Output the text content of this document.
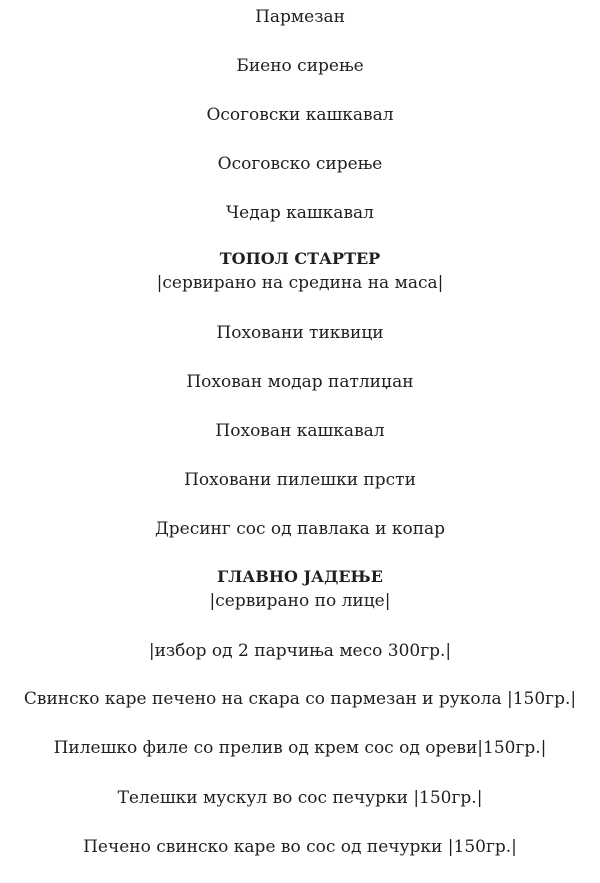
Пармезан
Биено сирење
Осоговски кашкавал
Осоговско сирење
Чедар кашкавал
ТОПОЛ СТАРТЕР
|сервирано на средина на маса|
Поховани тиквици
Похован модар патлиџан
Похован кашкавал
Поховани пилешки прсти
Дресинг сос од павлака и копар
ГЛАВНО ЈАДЕЊЕ
|сервирано по лице|
|избор од 2 парчиња месо 300гр.|
Свинско каре печено на скара со пармезан и рукола |150гр.|
Пилешко филе со прелив од крем сос од ореви|150гр.|
Телешки мускул во сос печурки |150гр.|
Печено свинско каре во сос од печурки |150гр.|
